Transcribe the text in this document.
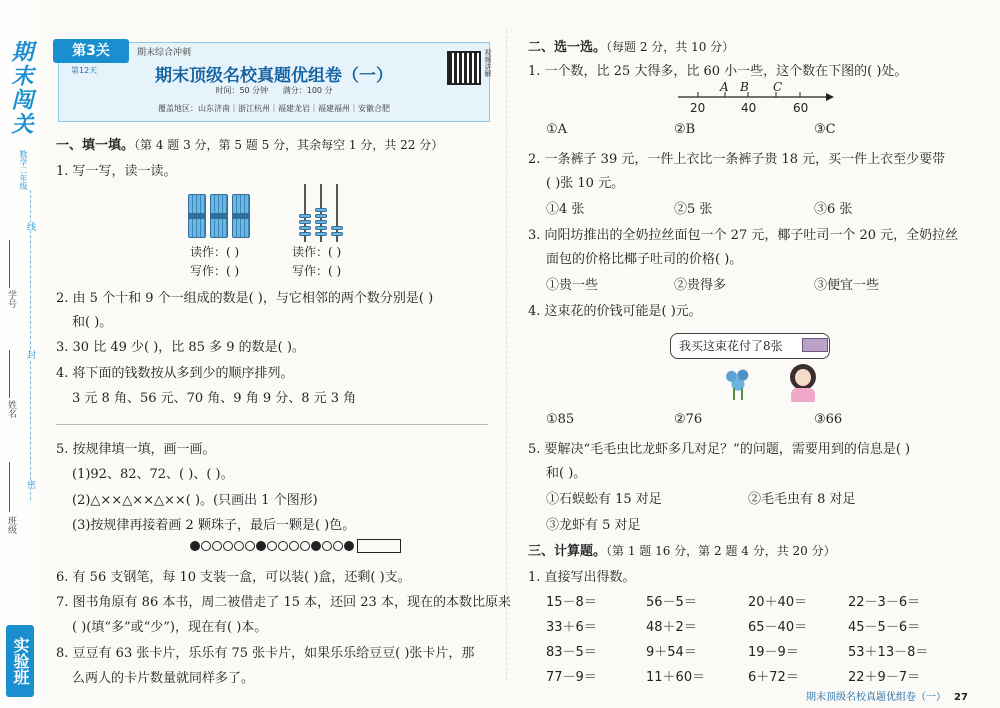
期末闯关
数学二年级
线
封
密
学号
姓名
班级
实验班
第3关
第12天
期末综合冲刺
期末顶级名校真题优组卷（一）
时间：50 分钟 满分：100 分
覆盖地区：山东济南｜浙江杭州｜福建龙岩｜福建福州｜安徽合肥
视频讲解
一、填一填。（第 4 题 3 分，第 5 题 5 分，其余每空 1 分，共 22 分）
1. 写一写，读一读。
读作：( )
写作：( )
读作：( )
写作：( )
2. 由 5 个十和 9 个一组成的数是( )，与它相邻的两个数分别是( )
和( )。
3. 30 比 49 少( )，比 85 多 9 的数是( )。
4. 将下面的钱数按从多到少的顺序排列。
3 元 8 角、56 元、70 角、9 角 9 分、8 元 3 角
5. 按规律填一填，画一画。
(1)92、82、72、( )、( )。
(2)△××△××△××( )。(只画出 1 个图形)
(3)按规律再接着画 2 颗珠子，最后一颗是( )色。
6. 有 56 支钢笔，每 10 支装一盒，可以装( )盒，还剩( )支。
7. 图书角原有 86 本书，周二被借走了 15 本，还回 23 本，现在的本数比原来
( )(填“多”或“少”)，现在有( )本。
8. 豆豆有 63 张卡片，乐乐有 75 张卡片，如果乐乐给豆豆( )张卡片，那
么两人的卡片数量就同样多了。
二、选一选。（每题 2 分，共 10 分）
1. 一个数，比 25 大得多，比 60 小一些，这个数在下图的( )处。
20	40	60
A B C
①A	②B	③C
2. 一条裤子 39 元，一件上衣比一条裤子贵 18 元，买一件上衣至少要带
( )张 10 元。
①4 张	②5 张	③6 张
3. 向阳坊推出的全奶拉丝面包一个 27 元，椰子吐司一个 20 元，全奶拉丝
面包的价格比椰子吐司的价格( )。
①贵一些	②贵得多	③便宜一些
4. 这束花的价钱可能是( )元。
我买这束花付了8张
①85	②76	③66
5. 要解决“毛毛虫比龙虾多几对足？”的问题，需要用到的信息是( )
和( )。
①石蜈蚣有 15 对足	②毛毛虫有 8 对足
③龙虾有 5 对足
三、计算题。（第 1 题 16 分，第 2 题 4 分，共 20 分）
1. 直接写出得数。
15－8＝	56－5＝	20＋40＝	22－3－6＝
33＋6＝	48＋2＝	65－40＝	45－5－6＝
83－5＝	9＋54＝	19－9＝	53＋13－8＝
77－9＝	11＋60＝	6＋72＝	22＋9－7＝
期末顶级名校真题优组卷（一） 27
